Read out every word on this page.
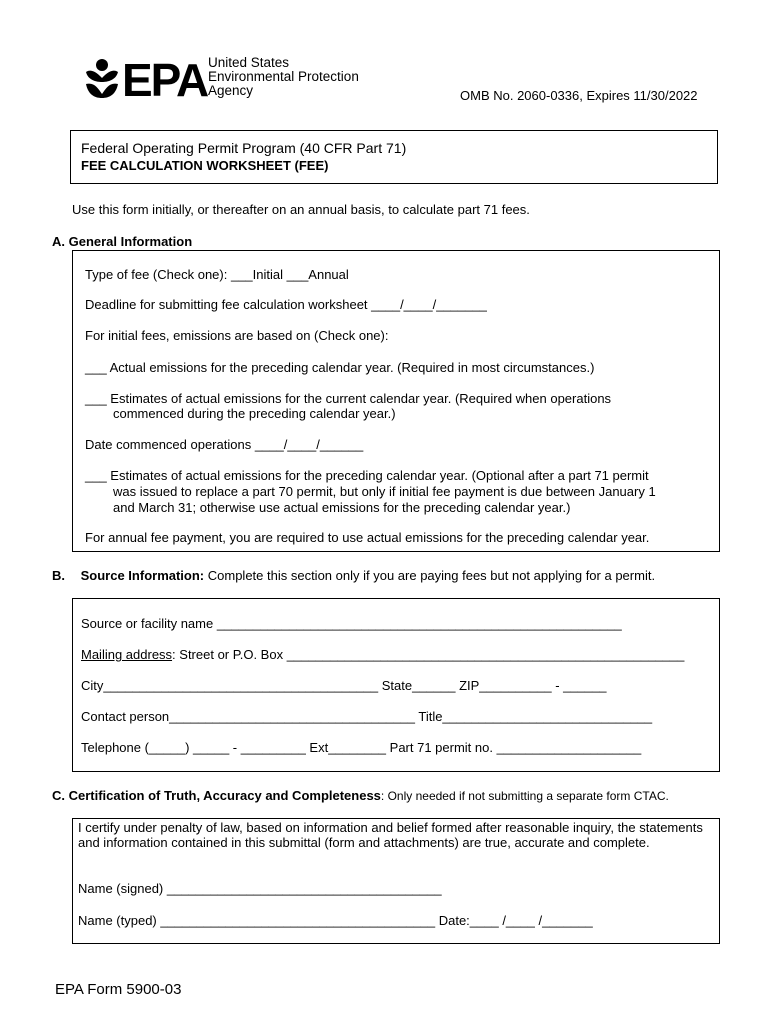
EPA United States
Environmental Protection
Agency	OMB No. 2060-0336, Expires 11/30/2022
Federal Operating Permit Program (40 CFR Part 71)
FEE CALCULATION WORKSHEET (FEE)
Use this form initially, or thereafter on an annual basis, to calculate part 71 fees.
A. General Information
Type of fee (Check one): ___Initial ___Annual
Deadline for submitting fee calculation worksheet ____/____/_______
For initial fees, emissions are based on (Check one):
___ Actual emissions for the preceding calendar year. (Required in most circumstances.)
___ Estimates of actual emissions for the current calendar year. (Required when operations
commenced during the preceding calendar year.)
Date commenced operations ____/____/______
___ Estimates of actual emissions for the preceding calendar year. (Optional after a part 71 permit
was issued to replace a part 70 permit, but only if initial fee payment is due between January 1
and March 31; otherwise use actual emissions for the preceding calendar year.)
For annual fee payment, you are required to use actual emissions for the preceding calendar year.
B. Source Information: Complete this section only if you are paying fees but not applying for a permit.
Source or facility name ________________________________________________________
Mailing address: Street or P.O. Box _______________________________________________________
City______________________________________ State______ ZIP__________ - ______
Contact person__________________________________ Title_____________________________
Telephone (_____) _____ - _________ Ext________ Part 71 permit no. ____________________
C. Certification of Truth, Accuracy and Completeness: Only needed if not submitting a separate form CTAC.
I certify under penalty of law, based on information and belief formed after reasonable inquiry, the statements and information contained in this submittal (form and attachments) are true, accurate and complete.
Name (signed) ______________________________________
Name (typed) ______________________________________ Date:____ /____ /_______
EPA Form 5900-03
